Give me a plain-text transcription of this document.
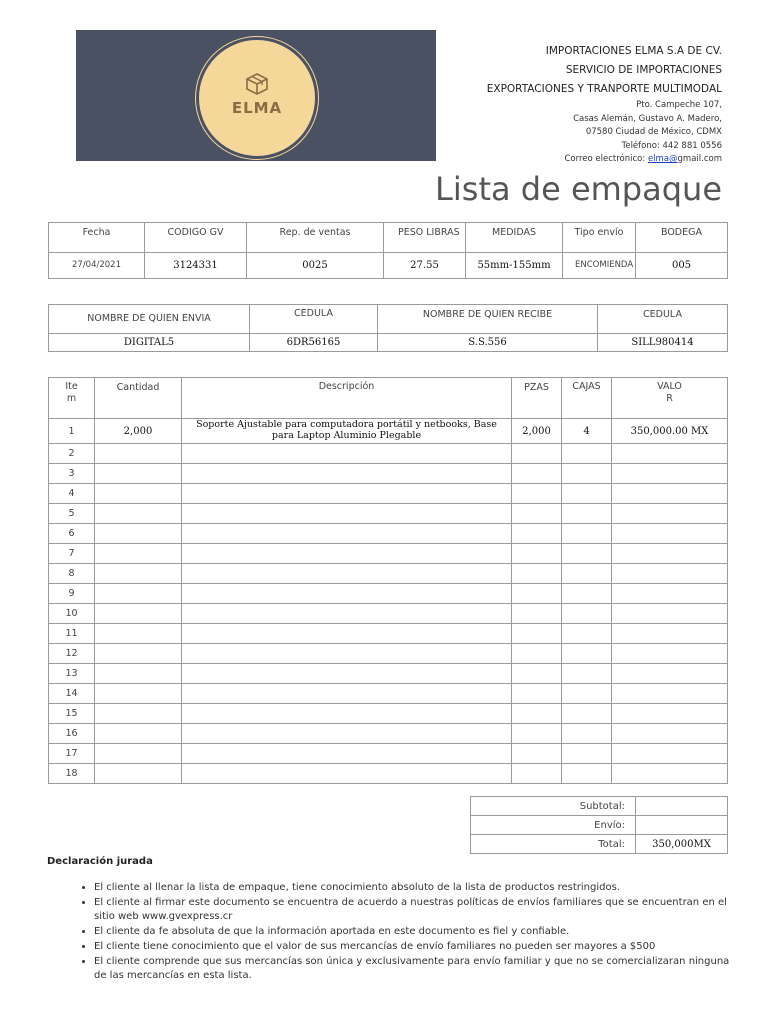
ELMA
IMPORTACIONES ELMA S.A DE CV.
SERVICIO DE IMPORTACIONES
EXPORTACIONES Y TRANPORTE MULTIMODAL
Pto. Campeche 107,
Casas Alemán, Gustavo A. Madero,
07580 Ciudad de México, CDMX
Teléfono: 442 881 0556
Correo electrónico: elma@gmail.com
Lista de empaque
Fecha	CODIGO GV	Rep. de ventas	PESO LIBRAS	MEDIDAS	Tipo envío	BODEGA
27/04/2021	3124331	0025	27.55	55mm-155mm	ENCOMIENDA	005
NOMBRE DE QUIEN ENVIA	CEDULA	NOMBRE DE QUIEN RECIBE	CEDULA
DIGITAL5	6DR56165	S.S.556	SILL980414
Item	Cantidad	Descripción	PZAS	CAJAS	VALOR
1	2,000	Soporte Ajustable para computadora portátil y netbooks, Base para Laptop Aluminio Plegable	2,000	4	350,000.00 MX
2					
3					
4					
5					
6					
7					
8					
9					
10					
11					
12					
13					
14					
15					
16					
17					
18					
Subtotal:	
Envío:	
Total:	350,000MX
Declaración jurada
• El cliente al llenar la lista de empaque, tiene conocimiento absoluto de la lista de productos restringidos.
• El cliente al firmar este documento se encuentra de acuerdo a nuestras políticas de envíos familiares que se encuentran en el sitio web www.gvexpress.cr
• El cliente da fe absoluta de que la información aportada en este documento es fiel y confiable.
• El cliente tiene conocimiento que el valor de sus mercancías de envío familiares no pueden ser mayores a $500
• El cliente comprende que sus mercancías son única y exclusivamente para envío familiar y que no se comercializaran ninguna de las mercancías en esta lista.
